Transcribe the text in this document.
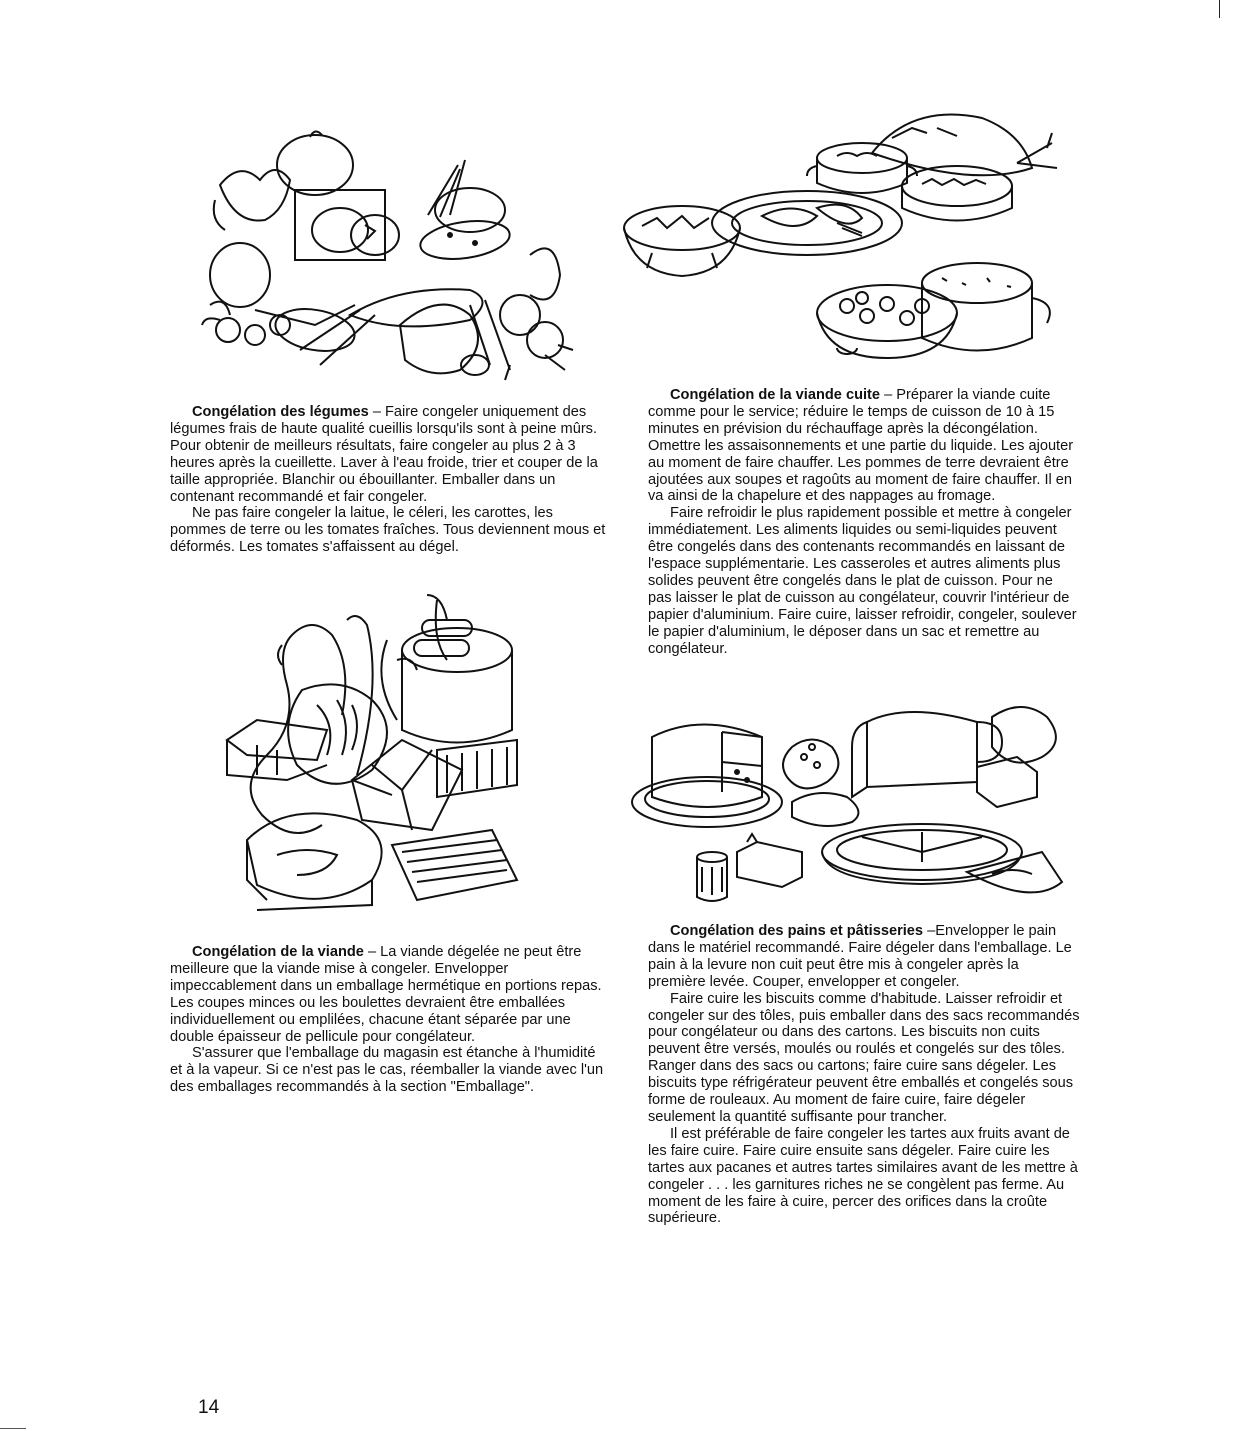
Congélation des légumes – Faire congeler uniquement des légumes frais de haute qualité cueillis lorsqu'ils sont à peine mûrs. Pour obtenir de meilleurs résultats, faire congeler au plus 2 à 3 heures après la cueillette. Laver à l'eau froide, trier et couper de la taille appropriée. Blanchir ou ébouillanter. Emballer dans un contenant recommandé et fair congeler.

Ne pas faire congeler la laitue, le céleri, les carottes, les pommes de terre ou les tomates fraîches. Tous deviennent mous et déformés. Les tomates s'affaissent au dégel.

Congélation de la viande cuite – Préparer la viande cuite comme pour le service; réduire le temps de cuisson de 10 à 15 minutes en prévision du réchauffage après la décongélation. Omettre les assaisonnements et une partie du liquide. Les ajouter au moment de faire chauffer. Les pommes de terre devraient être ajoutées aux soupes et ragoûts au moment de faire chauffer. Il en va ainsi de la chapelure et des nappages au fromage.

Faire refroidir le plus rapidement possible et mettre à congeler immédiatement. Les aliments liquides ou semi-liquides peuvent être congelés dans des contenants recommandés en laissant de l'espace supplémentarie. Les casseroles et autres aliments plus solides peuvent être congelés dans le plat de cuisson. Pour ne pas laisser le plat de cuisson au congélateur, couvrir l'intérieur de papier d'aluminium. Faire cuire, laisser refroidir, congeler, soulever le papier d'aluminium, le déposer dans un sac et remettre au congélateur.

Congélation de la viande – La viande dégelée ne peut être meilleure que la viande mise à congeler. Envelopper impeccablement dans un emballage hermétique en portions repas. Les coupes minces ou les boulettes devraient être emballées individuellement ou emplilées, chacune étant séparée par une double épaisseur de pellicule pour congélateur.

S'assurer que l'emballage du magasin est étanche à l'humidité et à la vapeur. Si ce n'est pas le cas, réemballer la viande avec l'un des emballages recommandés à la section "Emballage".

Congélation des pains et pâtisseries –Envelopper le pain dans le matériel recommandé. Faire dégeler dans l'emballage. Le pain à la levure non cuit peut être mis à congeler après la première levée. Couper, envelopper et congeler.

Faire cuire les biscuits comme d'habitude. Laisser refroidir et congeler sur des tôles, puis emballer dans des sacs recommandés pour congélateur ou dans des cartons. Les biscuits non cuits peuvent être versés, moulés ou roulés et congelés sur des tôles. Ranger dans des sacs ou cartons; faire cuire sans dégeler. Les biscuits type réfrigérateur peuvent être emballés et congelés sous forme de rouleaux. Au moment de faire cuire, faire dégeler seulement la quantité suffisante pour trancher.

Il est préférable de faire congeler les tartes aux fruits avant de les faire cuire. Faire cuire ensuite sans dégeler. Faire cuire les tartes aux pacanes et autres tartes similaires avant de les mettre à congeler . . . les garnitures riches ne se congèlent pas ferme. Au moment de les faire à cuire, percer des orifices dans la croûte supérieure.

14
